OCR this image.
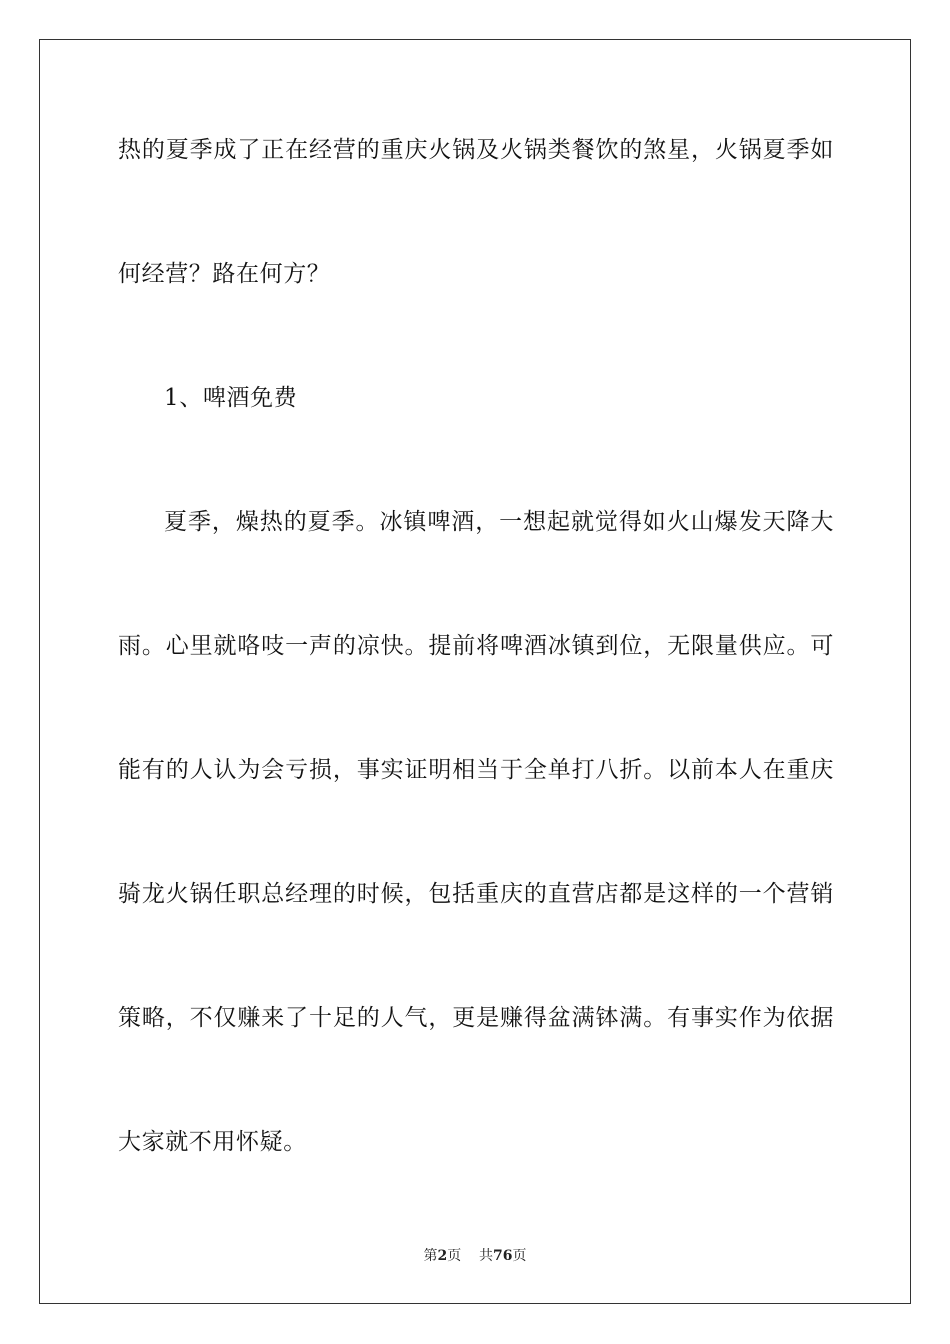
热的夏季成了正在经营的重庆火锅及火锅类餐饮的煞星，火锅夏季如
何经营？路在何方？
1、啤酒免费
夏季，燥热的夏季。冰镇啤酒，一想起就觉得如火山爆发天降大
雨。心里就咯吱一声的凉快。提前将啤酒冰镇到位，无限量供应。可
能有的人认为会亏损，事实证明相当于全单打八折。以前本人在重庆
骑龙火锅任职总经理的时候，包括重庆的直营店都是这样的一个营销
策略，不仅赚来了十足的人气，更是赚得盆满钵满。有事实作为依据
大家就不用怀疑。
第2页 共76页
